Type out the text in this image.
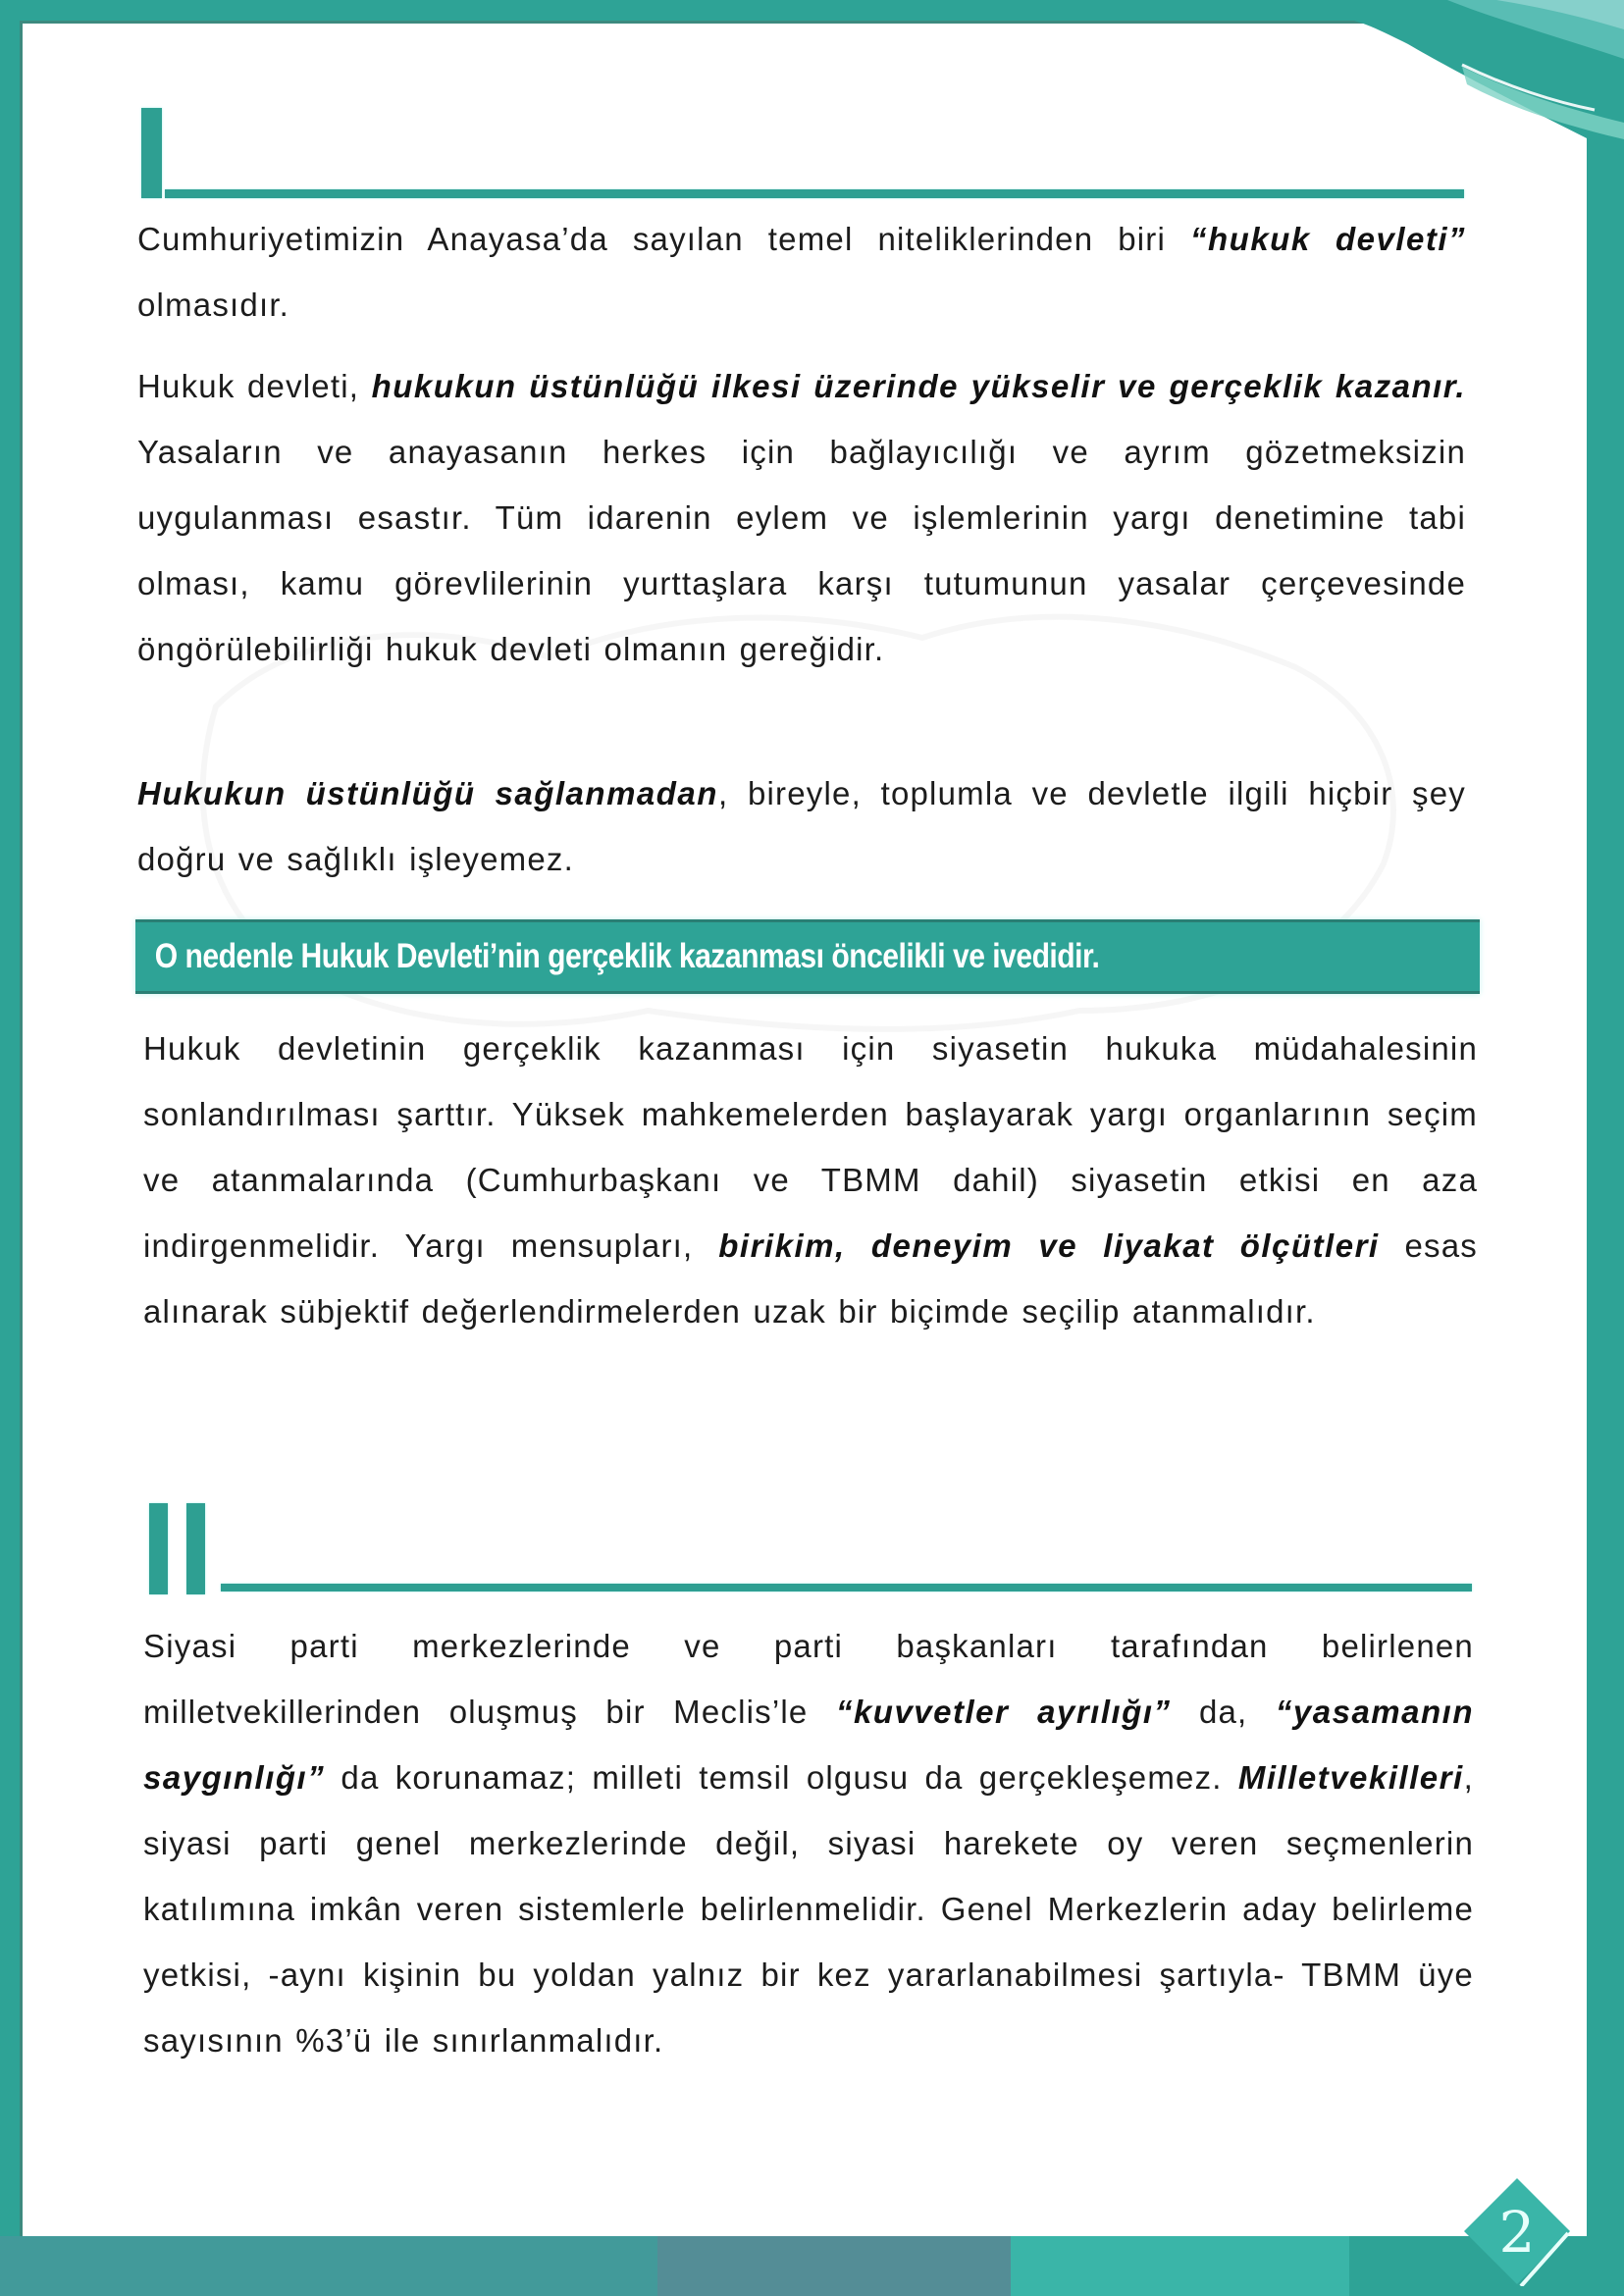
Cumhuriyetimizin Anayasa’da sayılan temel niteliklerinden biri “hukuk devleti” olmasıdır.

Hukuk devleti, hukukun üstünlüğü ilkesi üzerinde yükselir ve gerçeklik kazanır. Yasaların ve anayasanın herkes için bağlayıcılığı ve ayrım gözetmeksizin uygulanması esastır. Tüm idarenin eylem ve işlemlerinin yargı denetimine tabi olması, kamu görevlilerinin yurttaşlara karşı tutumunun yasalar çerçevesinde öngörülebilirliği hukuk devleti olmanın gereğidir.

Hukukun üstünlüğü sağlanmadan, bireyle, toplumla ve devletle ilgili hiçbir şey doğru ve sağlıklı işleyemez.

O nedenle Hukuk Devleti’nin gerçeklik kazanması öncelikli ve ivedidir.

Hukuk devletinin gerçeklik kazanması için siyasetin hukuka müdahalesinin sonlandırılması şarttır. Yüksek mahkemelerden başlayarak yargı organlarının seçim ve atanmalarında (Cumhurbaşkanı ve TBMM dahil) siyasetin etkisi en aza indirgenmelidir. Yargı mensupları, birikim, deneyim ve liyakat ölçütleri esas alınarak sübjektif değerlendirmelerden uzak bir biçimde seçilip atanmalıdır.

Siyasi parti merkezlerinde ve parti başkanları tarafından belirlenen milletvekillerinden oluşmuş bir Meclis’le “kuvvetler ayrılığı” da, “yasamanın saygınlığı” da korunamaz; milleti temsil olgusu da gerçekleşemez. Milletvekilleri, siyasi parti genel merkezlerinde değil, siyasi harekete oy veren seçmenlerin katılımına imkân veren sistemlerle belirlenmelidir. Genel Merkezlerin aday belirleme yetkisi, -aynı kişinin bu yoldan yalnız bir kez yararlanabilmesi şartıyla- TBMM üye sayısının %3’ü ile sınırlanmalıdır.

2
